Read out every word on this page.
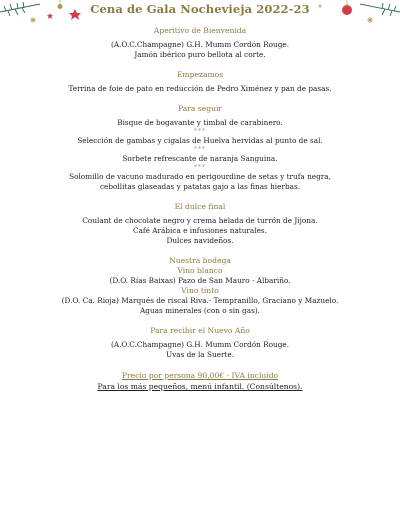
Cena de Gala Nochevieja 2022-23
Aperitivo de Bienvenida
(A.O.C.Champagne) G.H. Mumm Cordón Rouge.
Jamón ibérico puro bellota al corte.
Empezamos
Terrina de foie de pato en reducción de Pedro Ximénez y pan de pasas.
Para seguir
Bisque de bogavante y timbal de carabinero.
***
Selección de gambas y cigalas de Huelva hervidas al punto de sal.
***
Sorbete refrescante de naranja Sanguina.
***
Solomillo de vacuno madurado en perigourdine de setas y trufa negra,
cebollitas glaseadas y patatas gajo a las finas hierbas.
El dulce final
Coulant de chocolate negro y crema helada de turrón de Jijona.
Café Arábica e infusiones naturales.
Dulces navideños.
Nuestra bodega
Vino blanco
(D.O. Rías Baixas) Pazo de San Mauro - Albariño.
Vino tinto
(D.O. Ca. Rioja) Marqués de riscal Riva.- Tempranillo, Graciano y Mazuelo.
Aguas minerales (con o sin gas).
Para recibir el Nuevo Año
(A.O.C.Champagne) G.H. Mumm Cordón Rouge.
Uvas de la Suerte.
Precio por persona 90,00€ - IVA incluido
Para los más pequeños, menú infantil. (Consúltenos).
